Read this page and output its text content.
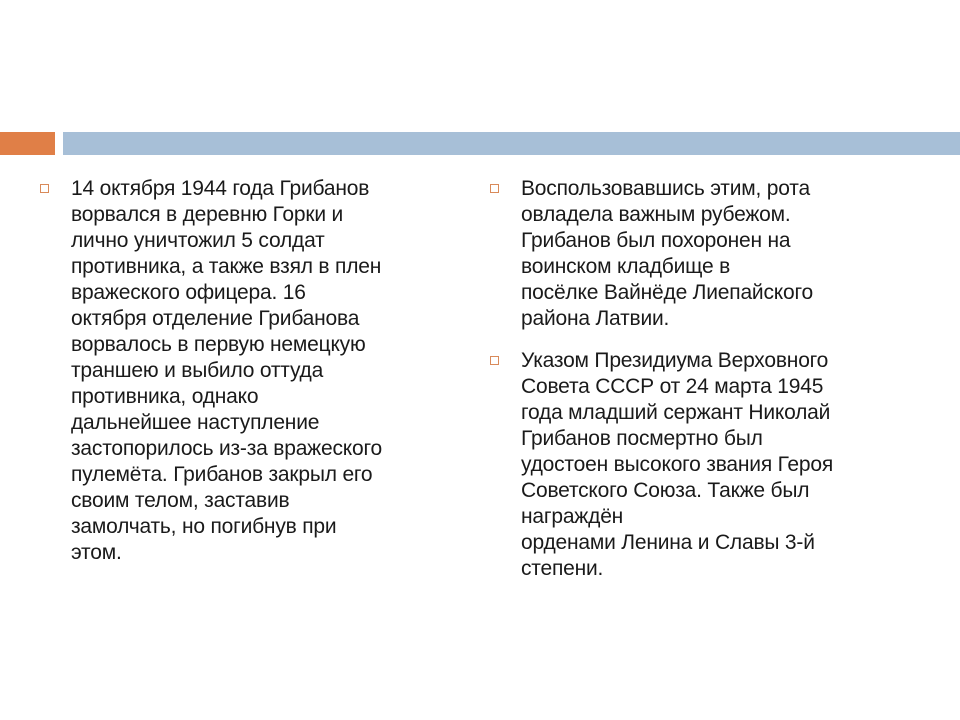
14 октября 1944 года Грибанов
ворвался в деревню Горки и
лично уничтожил 5 солдат
противника, а также взял в плен
вражеского офицера. 16
октября отделение Грибанова
ворвалось в первую немецкую
траншею и выбило оттуда
противника, однако
дальнейшее наступление
застопорилось из-за вражеского
пулемёта. Грибанов закрыл его
своим телом, заставив
замолчать, но погибнув при
этом.
Воспользовавшись этим, рота
овладела важным рубежом.
Грибанов был похоронен на
воинском кладбище в
посёлке Вайнёде Лиепайского
района Латвии.
Указом Президиума Верховного
Совета СССР от 24 марта 1945
года младший сержант Николай
Грибанов посмертно был
удостоен высокого звания Героя
Советского Союза. Также был
награждён
орденами Ленина и Славы 3-й
степени.
